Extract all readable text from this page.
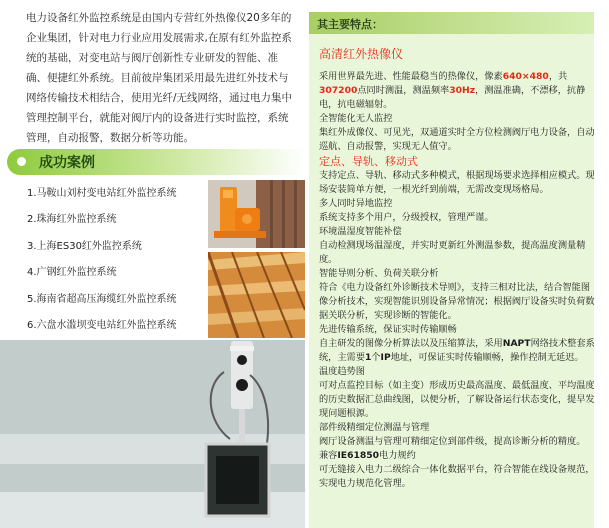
电力设备红外监控系统是由国内专营红外热像仪20多年的企业集团，针对电力行业应用发展需求,在原有红外监控系统的基础，对变电站与阀厅创新性专业研发的智能、准确、便捷红外系统。目前彼岸集团采用最先进红外技术与网络传输技术相结合，使用光纤/无线网络，通过电力集中管理控制平台，就能对阀厅内的设备进行实时监控，系统管理，自动报警，数据分析等功能。

成功案例
1.马鞍山刘村变电站红外监控系统
2.珠海红外监控系统
3.上海ES30红外监控系统
4.广钢红外监控系统
5.海南省超高压海缆红外监控系统
6.六盘水滥坝变电站红外监控系统
其主要特点：
高清红外热像仪

采用世界最先进、性能最稳当的热像仪，像素640×480，共307200点同时测温，测温频率30Hz，测温准确，不漂移，抗静电，抗电磁辐射。

全智能化无人监控

集红外成像仪、可见光，双通道实时全方位检测阀厅电力设备，自动巡航、自动报警，实现无人值守。

定点、导轨、移动式

支持定点、导轨、移动式多种模式，根据现场要求选择相应模式。现场安装简单方便，一根光纤到前端，无需改变现场格局。

多人同时异地监控

系统支持多个用户，分级授权，管理严谨。

环境温湿度智能补偿

自动检测现场温湿度，并实时更新红外测温参数，提高温度测量精度。

智能导则分析、负荷关联分析

符合《电力设备红外诊断技术导则》，支持三相对比法，结合智能图像分析技术，实现智能识别设备异常情况；根据阀厅设备实时负荷数据关联分析，实现诊断的智能化。

先进传输系统，保证实时传输顺畅

自主研发的图像分析算法以及压缩算法，采用NAPT网络技术整套系统，主需要1个IP地址，可保证实时传输顺畅，操作控制无延迟。

温度趋势图

可对点监控目标（如主变）形成历史最高温度、最低温度、平均温度的历史数据汇总曲线图，以便分析，了解设备运行状态变化，提早发现问题根源。

部件级精细定位测温与管理

阀厅设备测温与管理可精细定位到部件级，提高诊断分析的精度。

兼容IE61850电力规约

可无缝接入电力二级综合一体化数据平台，符合智能在线设备规范，实现电力规范化管理。
